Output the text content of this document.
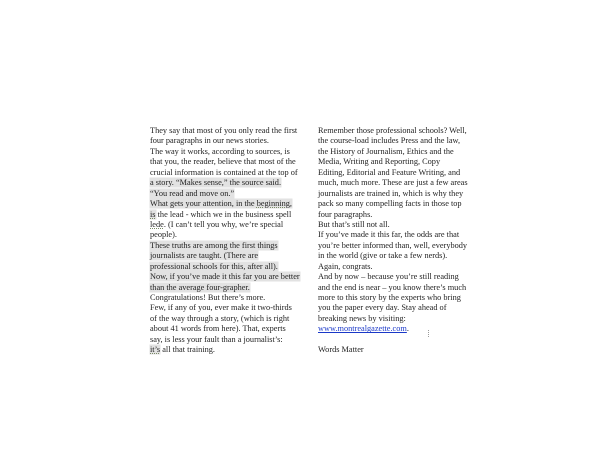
They say that most of you only read the first
four paragraphs in our news stories.
The way it works, according to sources, is
that you, the reader, believe that most of the
crucial information is contained at the top of
a story. “Makes sense,” the source said.
“You read and move on.”
What gets your attention, in the beginning,
is the lead - which we in the business spell
lede. (I can’t tell you why, we’re special
people).
These truths are among the first things
journalists are taught. (There are
professional schools for this, after all).
Now, if you’ve made it this far you are better
than the average four-grapher.
Congratulations! But there’s more.
Few, if any of you, ever make it two-thirds
of the way through a story, (which is right
about 41 words from here). That, experts
say, is less your fault than a journalist’s:
it’s all that training.
Remember those professional schools? Well,
the course-load includes Press and the law,
the History of Journalism, Ethics and the
Media, Writing and Reporting, Copy
Editing, Editorial and Feature Writing, and
much, much more. These are just a few areas
journalists are trained in, which is why they
pack so many compelling facts in those top
four paragraphs.
But that’s still not all.
If you’ve made it this far, the odds are that
you’re better informed than, well, everybody
in the world (give or take a few nerds).
Again, congrats.
And by now – because you’re still reading
and the end is near – you know there’s much
more to this story by the experts who bring
you the paper every day. Stay ahead of
breaking news by visiting:
www.montrealgazette.com.
Words Matter
